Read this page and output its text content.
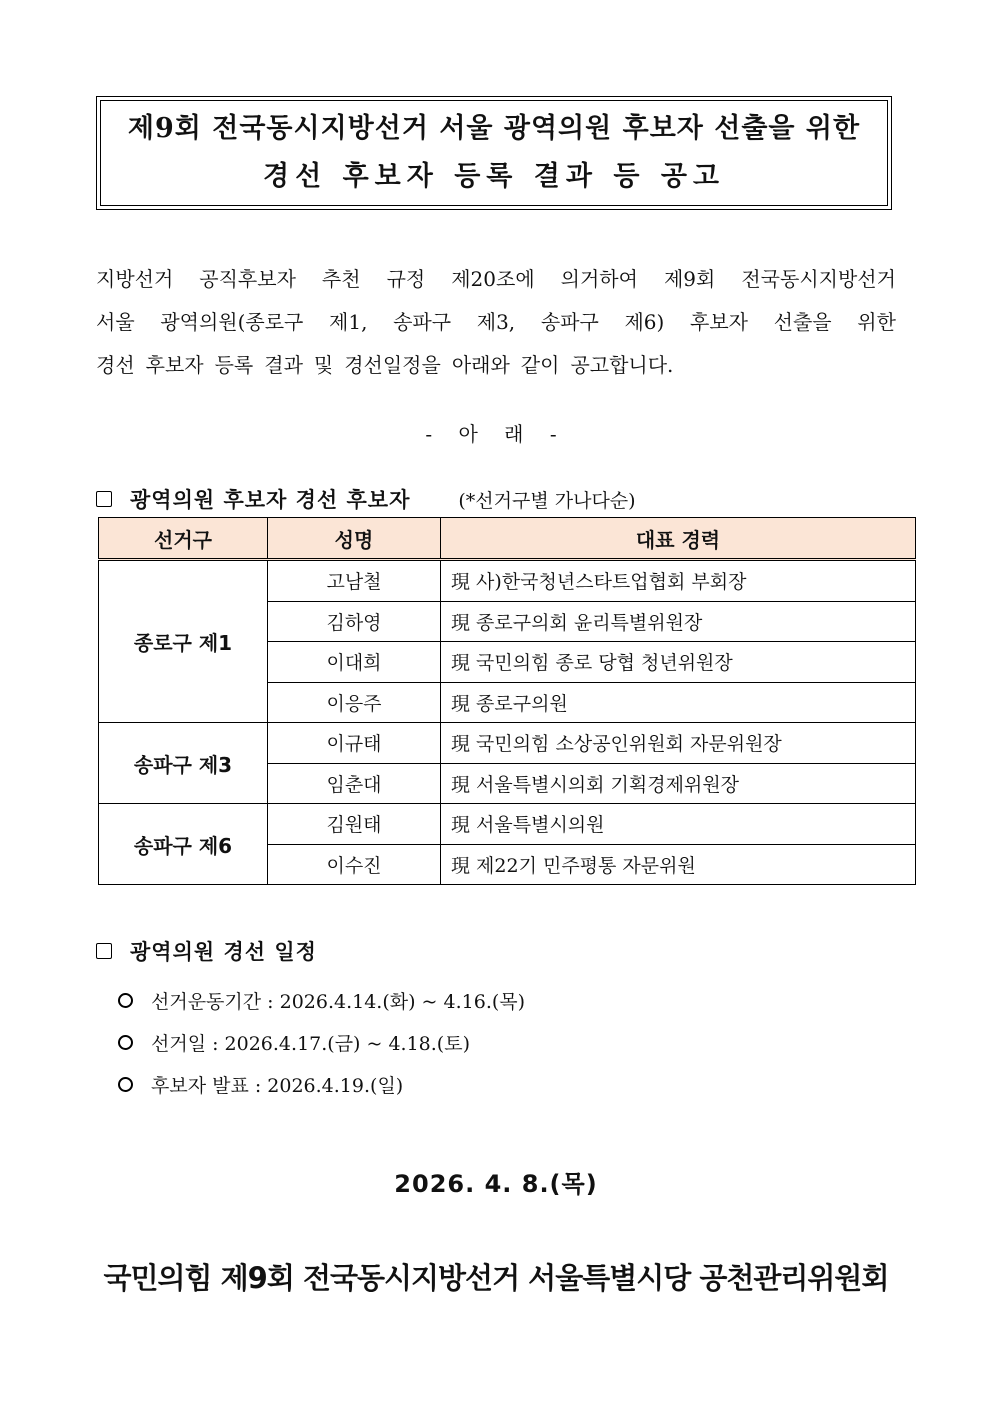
제9회 전국동시지방선거 서울 광역의원 후보자 선출을 위한
경선 후보자 등록 결과 등 공고

지방선거 공직후보자 추천 규정 제20조에 의거하여 제9회 전국동시지방선거

서울 광역의원(종로구 제1, 송파구 제3, 송파구 제6) 후보자 선출을 위한

경선 후보자 등록 결과 및 경선일정을 아래와 같이 공고합니다.

- 아 래 -
광역의원 후보자 경선 후보자	(*선거구별 가나다순)
선거구	성명	대표 경력
종로구 제1	고남철	現 사)한국청년스타트업협회 부회장
	김하영	現 종로구의회 윤리특별위원장
	이대희	現 국민의힘 종로 당협 청년위원장
	이응주	現 종로구의원
송파구 제3	이규태	現 국민의힘 소상공인위원회 자문위원장
	임춘대	現 서울특별시의회 기획경제위원장
송파구 제6	김원태	現 서울특별시의원
	이수진	現 제22기 민주평통 자문위원
광역의원 경선 일정
선거운동기간 : 2026.4.14.(화) ~ 4.16.(목)
선거일 : 2026.4.17.(금) ~ 4.18.(토)
후보자 발표 : 2026.4.19.(일)
2026. 4. 8.(목)
국민의힘 제9회 전국동시지방선거 서울특별시당 공천관리위원회
